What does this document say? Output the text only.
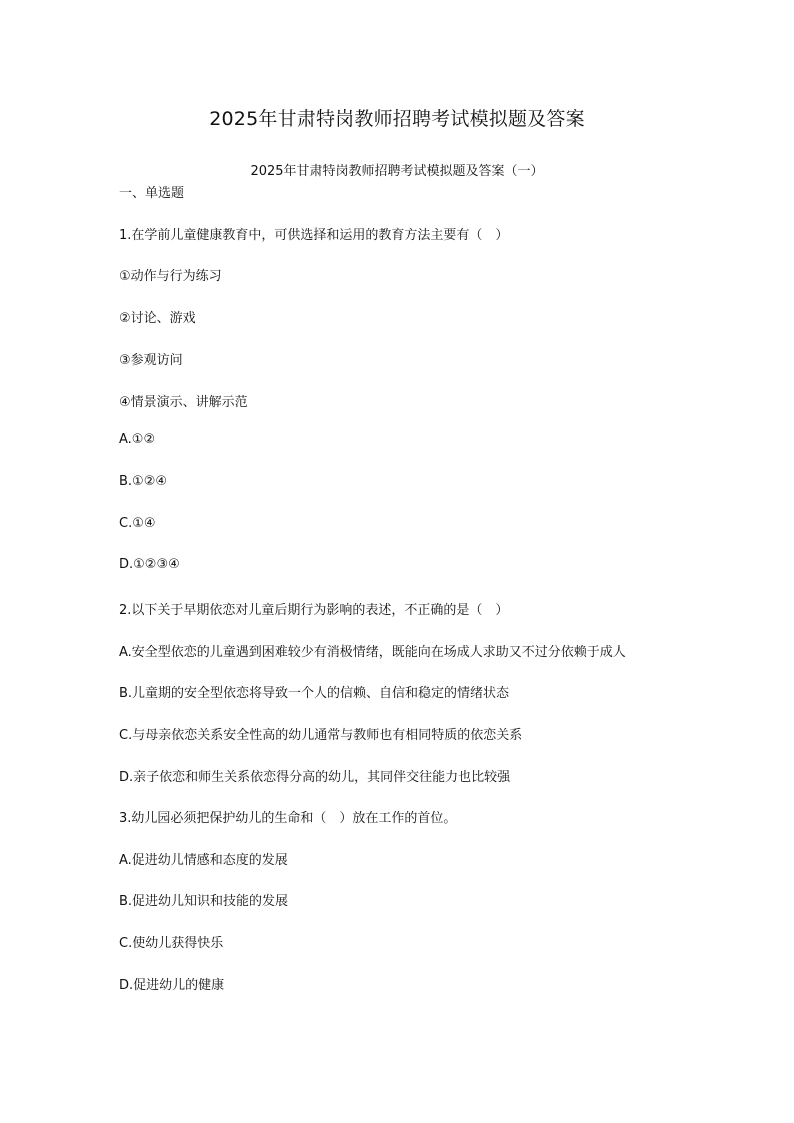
2025年甘肃特岗教师招聘考试模拟题及答案
2025年甘肃特岗教师招聘考试模拟题及答案（一）
一、单选题
1.在学前儿童健康教育中，可供选择和运用的教育方法主要有（　）
①动作与行为练习
②讨论、游戏
③参观访问
④情景演示、讲解示范
A.①②
B.①②④
C.①④
D.①②③④
2.以下关于早期依恋对儿童后期行为影响的表述，不正确的是（　）
A.安全型依恋的儿童遇到困难较少有消极情绪，既能向在场成人求助又不过分依赖于成人
B.儿童期的安全型依恋将导致一个人的信赖、自信和稳定的情绪状态
C.与母亲依恋关系安全性高的幼儿通常与教师也有相同特质的依恋关系
D.亲子依恋和师生关系依恋得分高的幼儿，其同伴交往能力也比较强
3.幼儿园必须把保护幼儿的生命和（　）放在工作的首位。
A.促进幼儿情感和态度的发展
B.促进幼儿知识和技能的发展
C.使幼儿获得快乐
D.促进幼儿的健康
